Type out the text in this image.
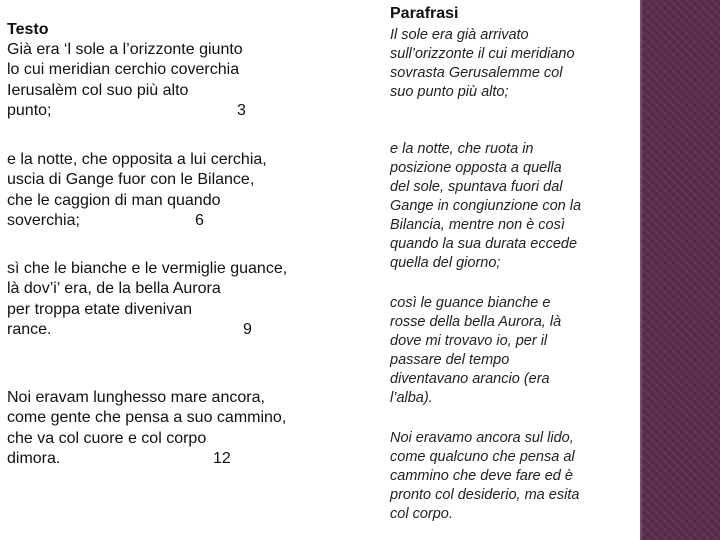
Testo
Già era ‘l sole a l’orizzonte giunto
lo cui meridian cerchio coverchia
Ierusalèm col suo più alto
punto;	3
e la notte, che opposita a lui cerchia,
uscia di Gange fuor con le Bilance,
che le caggion di man quando
soverchia;	6
sì che le bianche e le vermiglie guance,
là dov’i’ era, de la bella Aurora
per troppa etate divenivan
rance.	9
Noi eravam lunghesso mare ancora,
come gente che pensa a suo cammino,
che va col cuore e col corpo
dimora.	12
Parafrasi
Il sole era già arrivato
sull’orizzonte il cui meridiano
sovrasta Gerusalemme col
suo punto più alto;
e la notte, che ruota in
posizione opposta a quella
del sole, spuntava fuori dal
Gange in congiunzione con la
Bilancia, mentre non è così
quando la sua durata eccede
quella del giorno;
così le guance bianche e
rosse della bella Aurora, là
dove mi trovavo io, per il
passare del tempo
diventavano arancio (era
l’alba).
Noi eravamo ancora sul lido,
come qualcuno che pensa al
cammino che deve fare ed è
pronto col desiderio, ma esita
col corpo.
